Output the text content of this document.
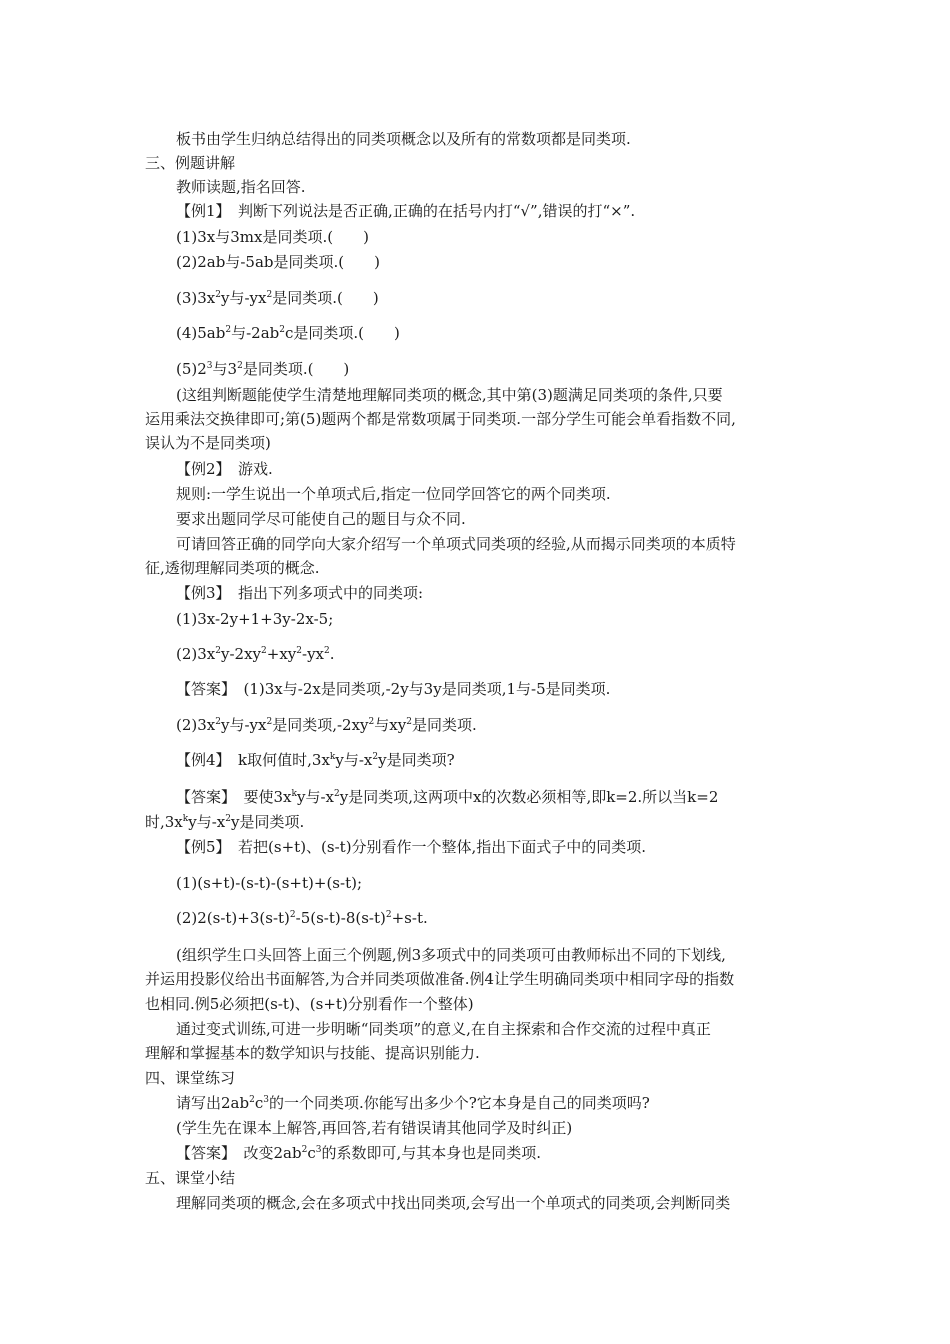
板书由学生归纳总结得出的同类项概念以及所有的常数项都是同类项.
三、例题讲解
教师读题,指名回答.
【例1】　判断下列说法是否正确,正确的在括号内打“√”,错误的打“×”.
(1)3x与3mx是同类项.(　　)
(2)2ab与-5ab是同类项.(　　)
$(3)3x^2y$与$-yx^2$是同类项.(　　)
$(4)5ab^2$与$-2ab^2c$是同类项.(　　)
$(5)2^3$与$3^2$是同类项.(　　)
(这组判断题能使学生清楚地理解同类项的概念,其中第(3)题满足同类项的条件,只要
运用乘法交换律即可;第(5)题两个都是常数项属于同类项.一部分学生可能会单看指数不同,
误认为不是同类项)
【例2】　游戏.
规则:一学生说出一个单项式后,指定一位同学回答它的两个同类项.
要求出题同学尽可能使自己的题目与众不同.
可请回答正确的同学向大家介绍写一个单项式同类项的经验,从而揭示同类项的本质特
征,透彻理解同类项的概念.
【例3】　指出下列多项式中的同类项:
(1)3x-2y+1+3y-2x-5;
$(2)3x^2y-2xy^2+xy^2-yx^2$.
【答案】　(1)3x与-2x是同类项,-2y与3y是同类项,1与-5是同类项.
$(2)3x^2y$与$-yx^2$是同类项$,-2xy^2$与$xy^2$是同类项.
【例4】　k取何值时$,3x^ky$与$-x^2y$是同类项?
【答案】　要使$3x^ky$与$-x^2y$是同类项,这两项中x的次数必须相等,即k=2.所以当k=2
时$,3x^ky$与$-x^2y$是同类项.
【例5】　若把(s+t)、(s-t)分别看作一个整体,指出下面式子中的同类项.
(1)(s+t)-(s-t)-(s+t)+(s-t);
$(2)2(s-t)+3(s-t)^2-5(s-t)-8(s-t)^2+s-t$.
(组织学生口头回答上面三个例题,例3多项式中的同类项可由教师标出不同的下划线,
并运用投影仪给出书面解答,为合并同类项做准备.例4让学生明确同类项中相同字母的指数
也相同.例5必须把(s-t)、(s+t)分别看作一个整体)
通过变式训练,可进一步明晰“同类项”的意义,在自主探索和合作交流的过程中真正
理解和掌握基本的数学知识与技能、提高识别能力.
四、课堂练习
请写出$2ab^2c^3$的一个同类项.你能写出多少个?它本身是自己的同类项吗?
(学生先在课本上解答,再回答,若有错误请其他同学及时纠正)
【答案】　改变$2ab^2c^3$的系数即可,与其本身也是同类项.
五、课堂小结
理解同类项的概念,会在多项式中找出同类项,会写出一个单项式的同类项,会判断同类
